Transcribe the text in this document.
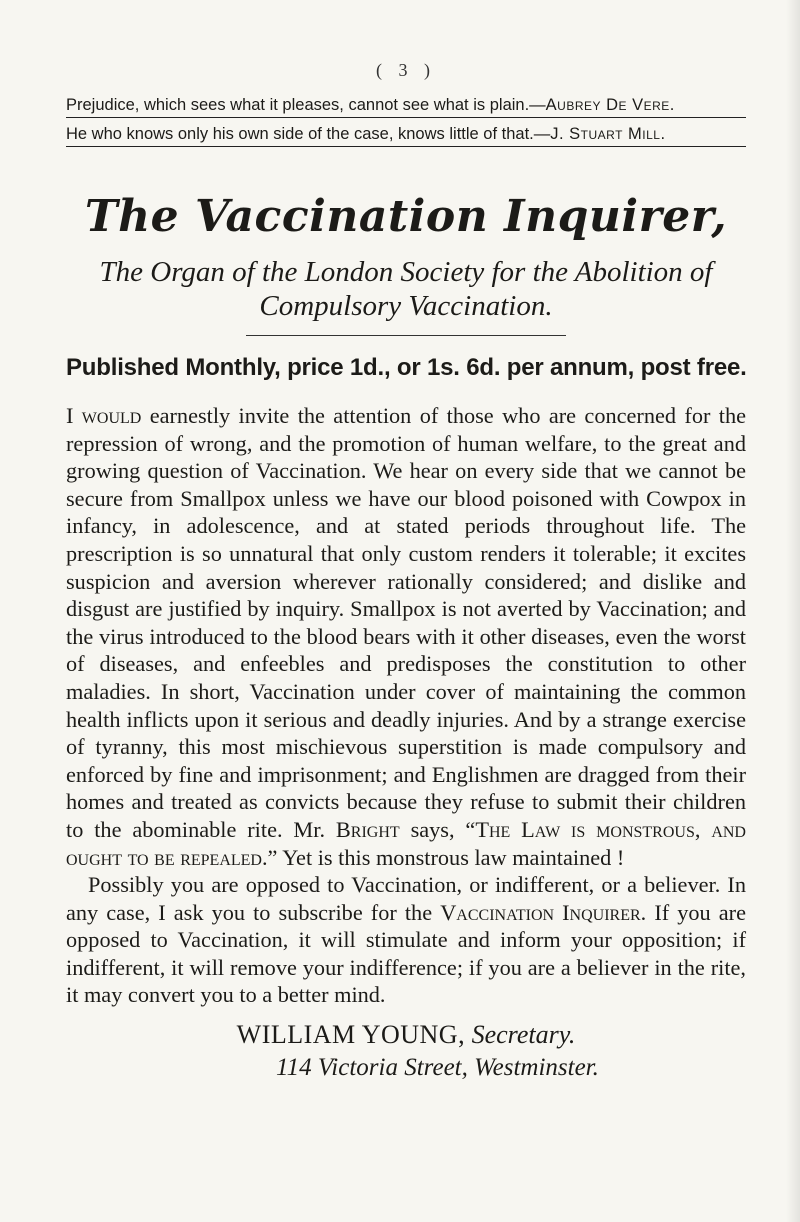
( 3 )
Prejudice, which sees what it pleases, cannot see what is plain.—Aubrey De Vere.
He who knows only his own side of the case, knows little of that.—J. Stuart Mill.
The Vaccination Inquirer,

The Organ of the London Society for the Abolition of

Compulsory Vaccination.

Published Monthly, price 1d., or 1s. 6d. per annum, post free.

I would earnestly invite the attention of those who are concerned for the repression of wrong, and the promotion of human welfare, to the great and growing question of Vaccination. We hear on every side that we cannot be secure from Smallpox unless we have our blood poisoned with Cowpox in infancy, in adolescence, and at stated periods throughout life. The prescription is so unnatural that only custom renders it tolerable; it excites suspicion and aversion wherever rationally considered; and dislike and disgust are justified by inquiry. Smallpox is not averted by Vaccination; and the virus introduced to the blood bears with it other diseases, even the worst of diseases, and enfeebles and predisposes the constitution to other maladies. In short, Vaccination under cover of maintaining the common health inflicts upon it serious and deadly injuries. And by a strange exercise of tyranny, this most mischievous superstition is made compulsory and enforced by fine and imprisonment; and Englishmen are dragged from their homes and treated as convicts because they refuse to submit their children to the abominable rite. Mr. Bright says, “The Law is monstrous, and ought to be repealed.” Yet is this monstrous law maintained !

Possibly you are opposed to Vaccination, or indifferent, or a believer. In any case, I ask you to subscribe for the Vaccination Inquirer. If you are opposed to Vaccination, it will stimulate and inform your opposition; if indifferent, it will remove your indifference; if you are a believer in the rite, it may convert you to a better mind.

WILLIAM YOUNG, Secretary.
114 Victoria Street, Westminster.
